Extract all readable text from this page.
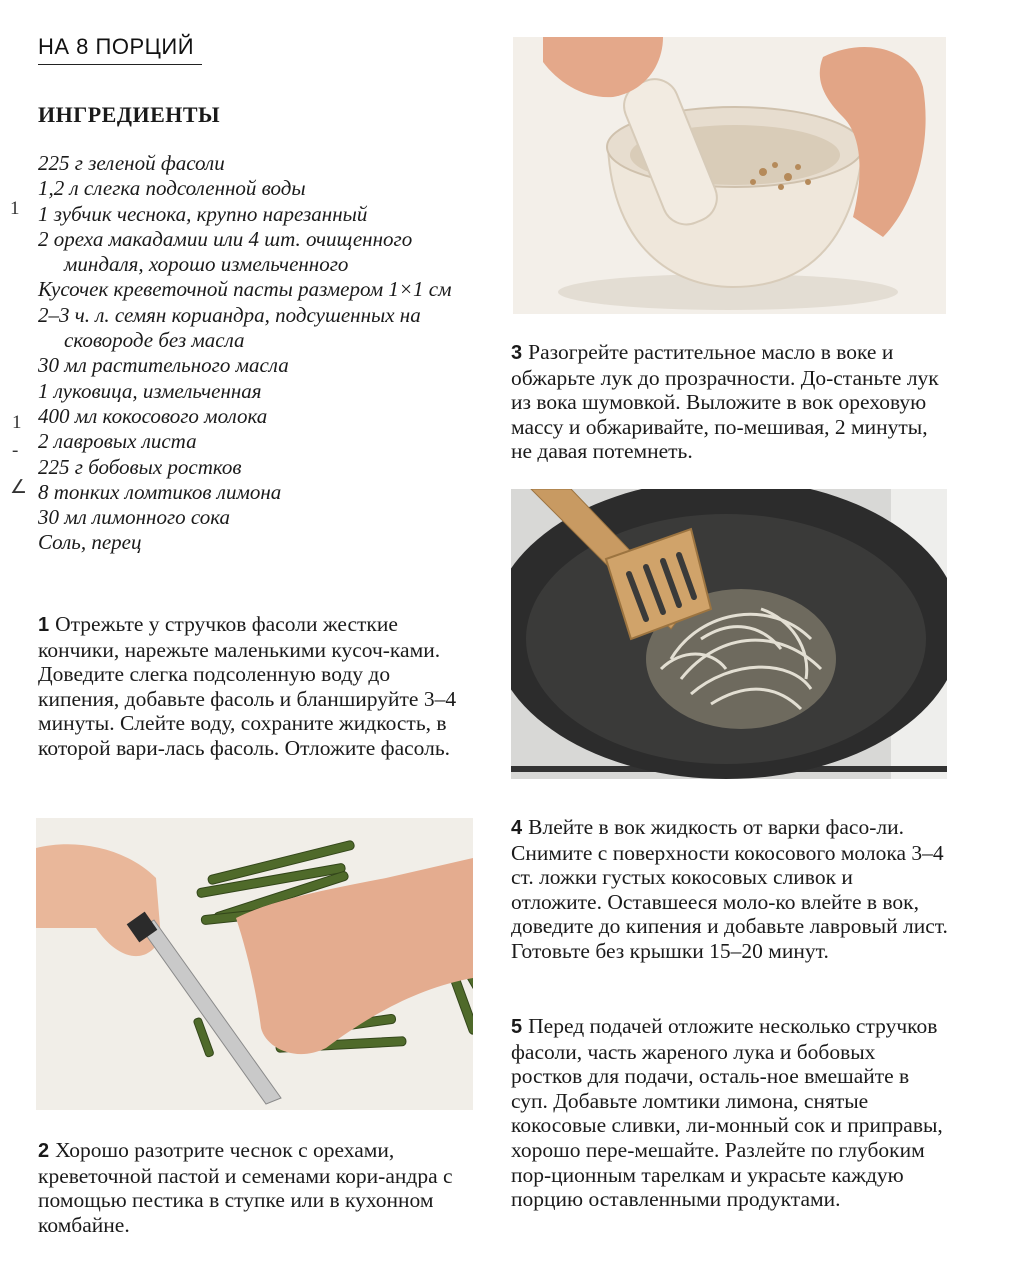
НА 8 ПОРЦИЙ
ИНГРЕДИЕНТЫ
225 г зеленой фасоли
1,2 л слегка подсоленной воды
1 зубчик чеснока, крупно нарезанный
2 ореха макадамии или 4 шт. очищенного миндаля, хорошо измельченного
Кусочек креветочной пасты размером 1×1 см
2–3 ч. л. семян кориандра, подсушенных на сковороде без масла
30 мл растительного масла
1 луковица, измельченная
400 мл кокосового молока
2 лавровых листа
225 г бобовых ростков
8 тонких ломтиков лимона
30 мл лимонного сока
Соль, перец
1
1
-
∠

1 Отрежьте у стручков фасоли жесткие кончики, нарежьте маленькими кусоч-ками. Доведите слегка подсоленную воду до кипения, добавьте фасоль и бланшируйте 3–4 минуты. Слейте воду, сохраните жидкость, в которой вари-лась фасоль. Отложите фасоль.

2 Хорошо разотрите чеснок с орехами, креветочной пастой и семенами кори-андра с помощью пестика в ступке или в кухонном комбайне.

3 Разогрейте растительное масло в воке и обжарьте лук до прозрачности. До-станьте лук из вока шумовкой. Выложите в вок ореховую массу и обжаривайте, по-мешивая, 2 минуты, не давая потемнеть.

4 Влейте в вок жидкость от варки фасо-ли. Снимите с поверхности кокосового молока 3–4 ст. ложки густых кокосовых сливок и отложите. Оставшееся моло-ко влейте в вок, доведите до кипения и добавьте лавровый лист. Готовьте без крышки 15–20 минут.

5 Перед подачей отложите несколько стручков фасоли, часть жареного лука и бобовых ростков для подачи, осталь-ное вмешайте в суп. Добавьте ломтики лимона, снятые кокосовые сливки, ли-монный сок и приправы, хорошо пере-мешайте. Разлейте по глубоким пор-ционным тарелкам и украсьте каждую порцию оставленными продуктами.
